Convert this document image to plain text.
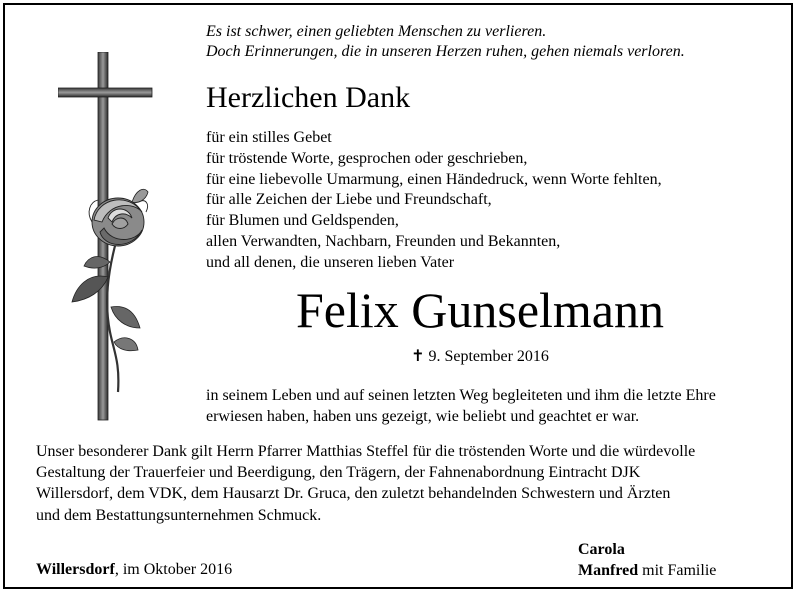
Es ist schwer, einen geliebten Menschen zu verlieren.
Doch Erinnerungen, die in unseren Herzen ruhen, gehen niemals verloren.
Herzlichen Dank
für ein stilles Gebet
für tröstende Worte, gesprochen oder geschrieben,
für eine liebevolle Umarmung, einen Händedruck, wenn Worte fehlten,
für alle Zeichen der Liebe und Freundschaft,
für Blumen und Geldspenden,
allen Verwandten, Nachbarn, Freunden und Bekannten,
und all denen, die unseren lieben Vater
Felix Gunselmann
✝ 9. September 2016
in seinem Leben und auf seinen letzten Weg begleiteten und ihm die letzte Ehre
erwiesen haben, haben uns gezeigt, wie beliebt und geachtet er war.
Unser besonderer Dank gilt Herrn Pfarrer Matthias Steffel für die tröstenden Worte und die würdevolle
Gestaltung der Trauerfeier und Beerdigung, den Trägern, der Fahnenabordnung Eintracht DJK
Willersdorf, dem VDK, dem Hausarzt Dr. Gruca, den zuletzt behandelnden Schwestern und Ärzten
und dem Bestattungsunternehmen Schmuck.
Willersdorf, im Oktober 2016
Carola
Manfred mit Familie
